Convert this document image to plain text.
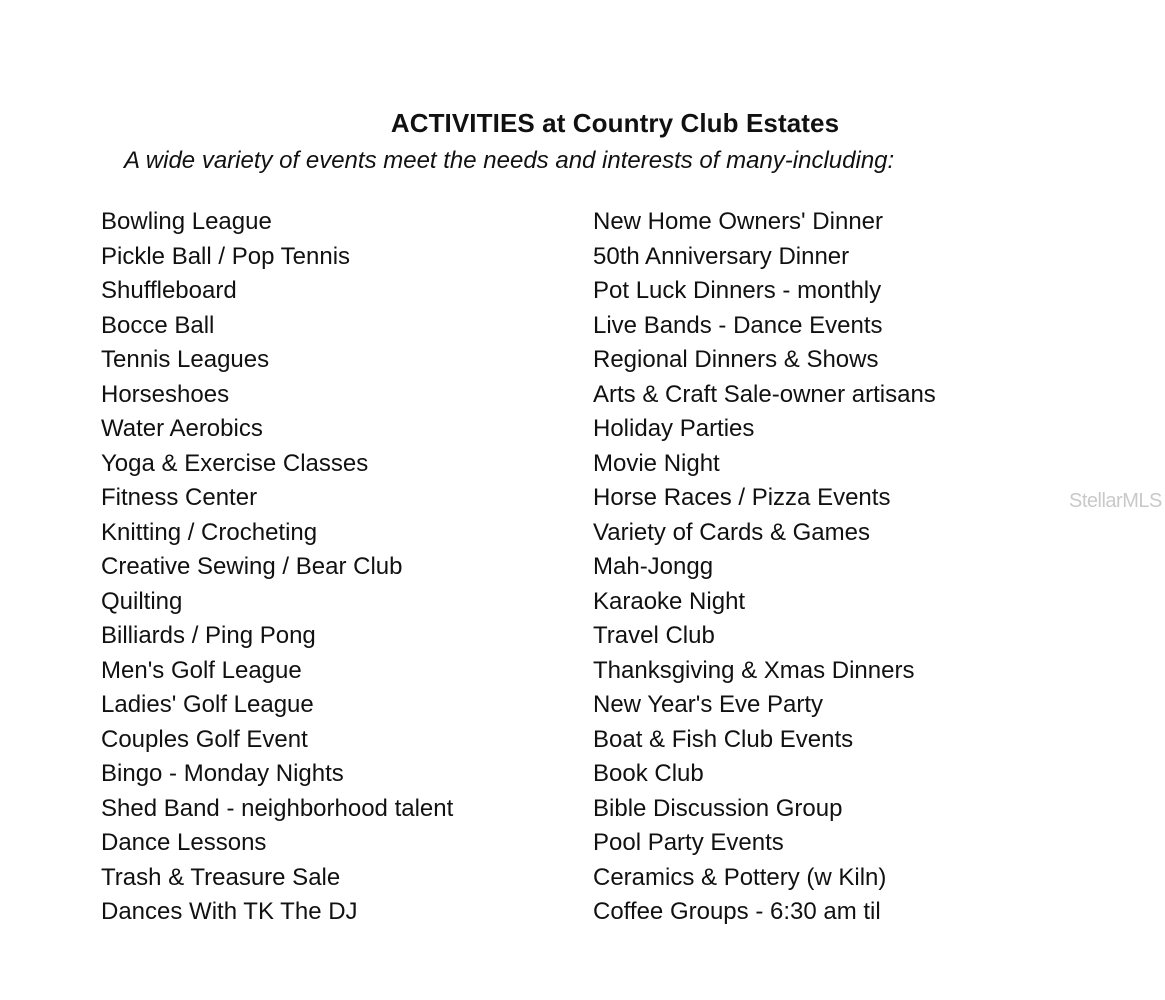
ACTIVITIES at Country Club Estates

A wide variety of events meet the needs and interests of many-including:

Bowling League
Pickle Ball / Pop Tennis
Shuffleboard
Bocce Ball
Tennis Leagues
Horseshoes
Water Aerobics
Yoga & Exercise Classes
Fitness Center
Knitting / Crocheting
Creative Sewing / Bear Club
Quilting
Billiards / Ping Pong
Men's Golf League
Ladies' Golf League
Couples Golf Event
Bingo - Monday Nights
Shed Band - neighborhood talent
Dance Lessons
Trash & Treasure Sale
Dances With TK The DJ
New Home Owners' Dinner
50th Anniversary Dinner
Pot Luck Dinners - monthly
Live Bands - Dance Events
Regional Dinners & Shows
Arts & Craft Sale-owner artisans
Holiday Parties
Movie Night
Horse Races / Pizza Events
Variety of Cards & Games
Mah-Jongg
Karaoke Night
Travel Club
Thanksgiving & Xmas Dinners
New Year's Eve Party
Boat & Fish Club Events
Book Club
Bible Discussion Group
Pool Party Events
Ceramics & Pottery (w Kiln)
Coffee Groups - 6:30 am til
StellarMLS
